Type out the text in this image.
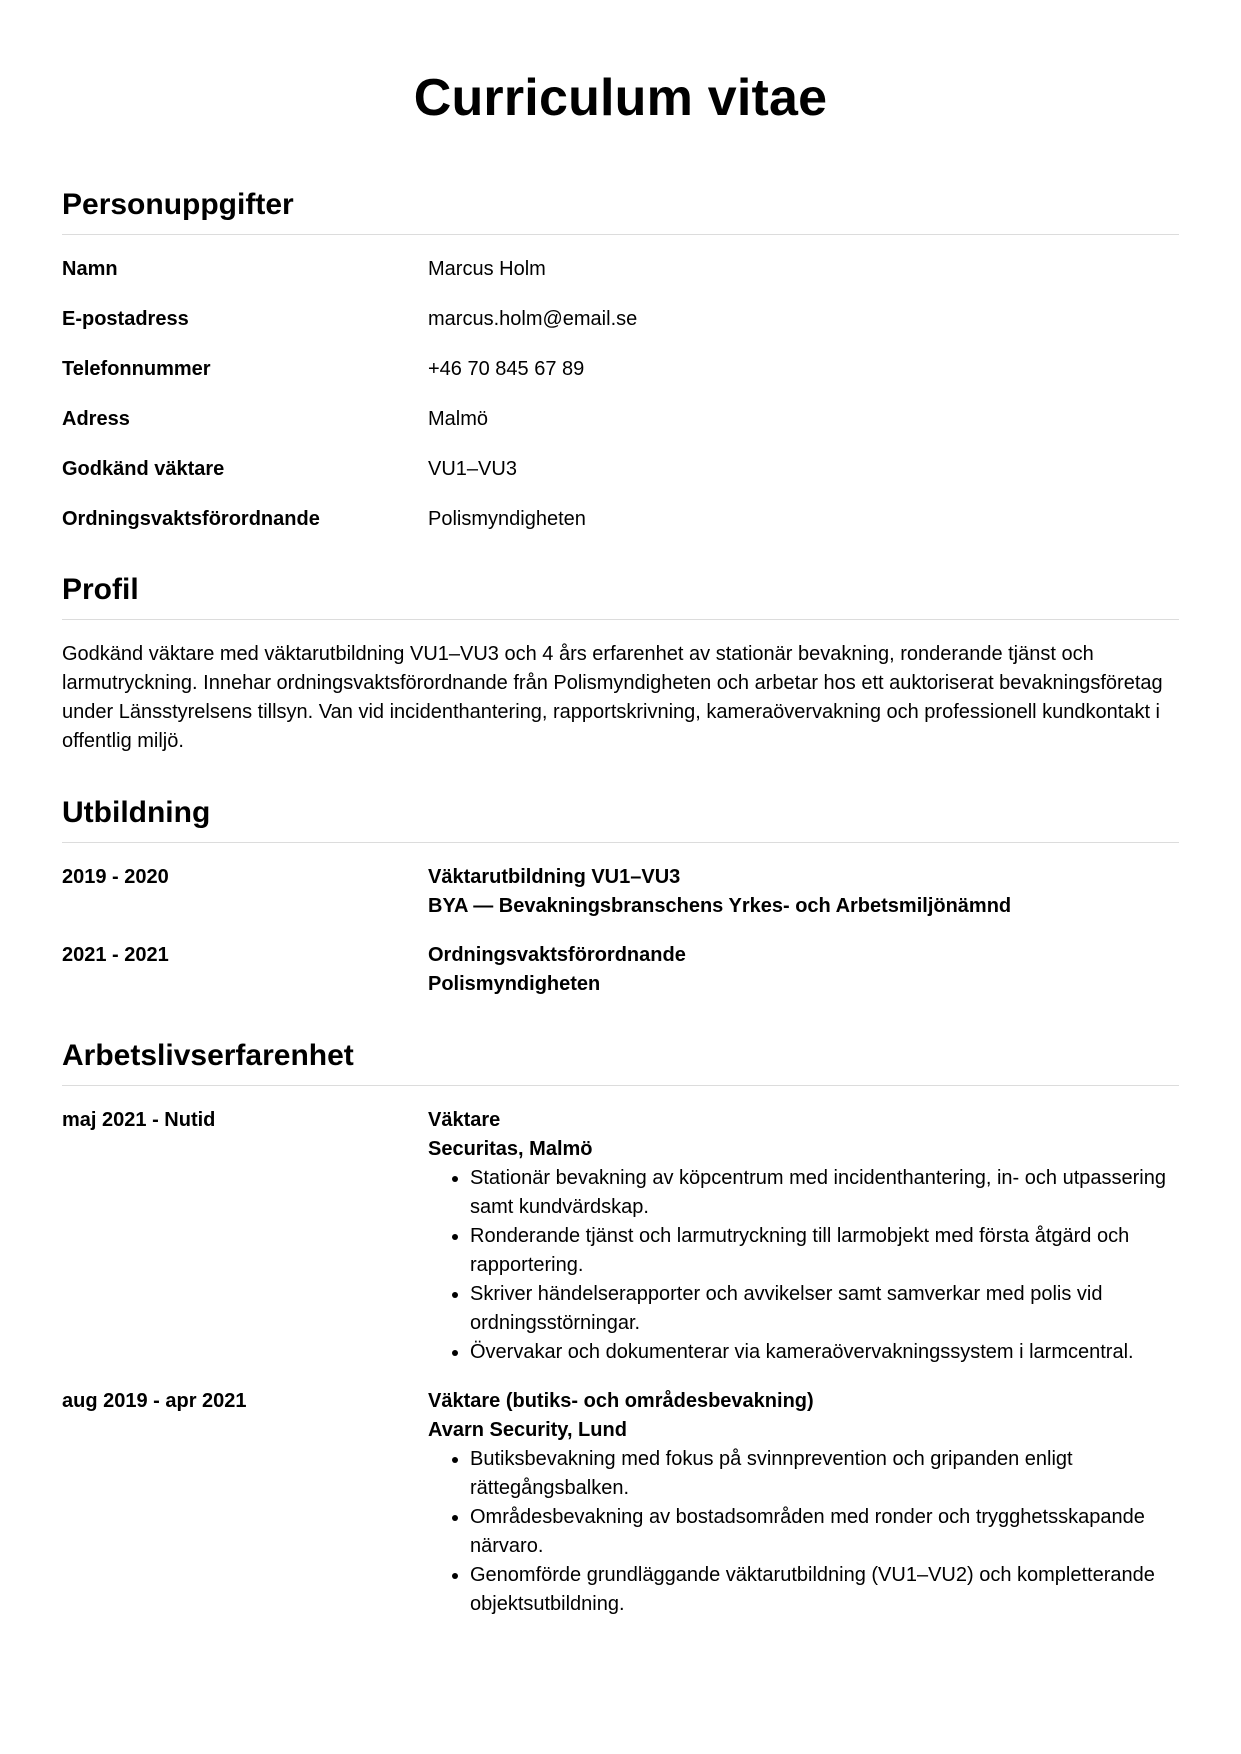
Curriculum vitae
Personuppgifter
Namn	Marcus Holm
E-postadress	marcus.holm@email.se
Telefonnummer	+46 70 845 67 89
Adress	Malmö
Godkänd väktare	VU1–VU3
Ordningsvaktsförordnande	Polismyndigheten
Profil

Godkänd väktare med väktarutbildning VU1–VU3 och 4 års erfarenhet av stationär bevakning, ronderande tjänst och larmutryckning. Innehar ordningsvaktsförordnande från Polismyndigheten och arbetar hos ett auktoriserat bevakningsföretag under Länsstyrelsens tillsyn. Van vid incidenthantering, rapportskrivning, kameraövervakning och professionell kundkontakt i offentlig miljö.

Utbildning
2019 - 2020	Väktarutbildning VU1–VU3
BYA — Bevakningsbranschens Yrkes- och Arbetsmiljönämnd
2021 - 2021	Ordningsvaktsförordnande
Polismyndigheten
Arbetslivserfarenhet
maj 2021 - Nutid	Väktare
Securitas, Malmö
• Stationär bevakning av köpcentrum med incidenthantering, in- och utpassering samt kundvärdskap.
• Ronderande tjänst och larmutryckning till larmobjekt med första åtgärd och rapportering.
• Skriver händelserapporter och avvikelser samt samverkar med polis vid ordningsstörningar.
• Övervakar och dokumenterar via kameraövervakningssystem i larmcentral.
aug 2019 - apr 2021	Väktare (butiks- och områdesbevakning)
Avarn Security, Lund
• Butiksbevakning med fokus på svinnprevention och gripanden enligt rättegångsbalken.
• Områdesbevakning av bostadsområden med ronder och trygghetsskapande närvaro.
• Genomförde grundläggande väktarutbildning (VU1–VU2) och kompletterande objektsutbildning.
